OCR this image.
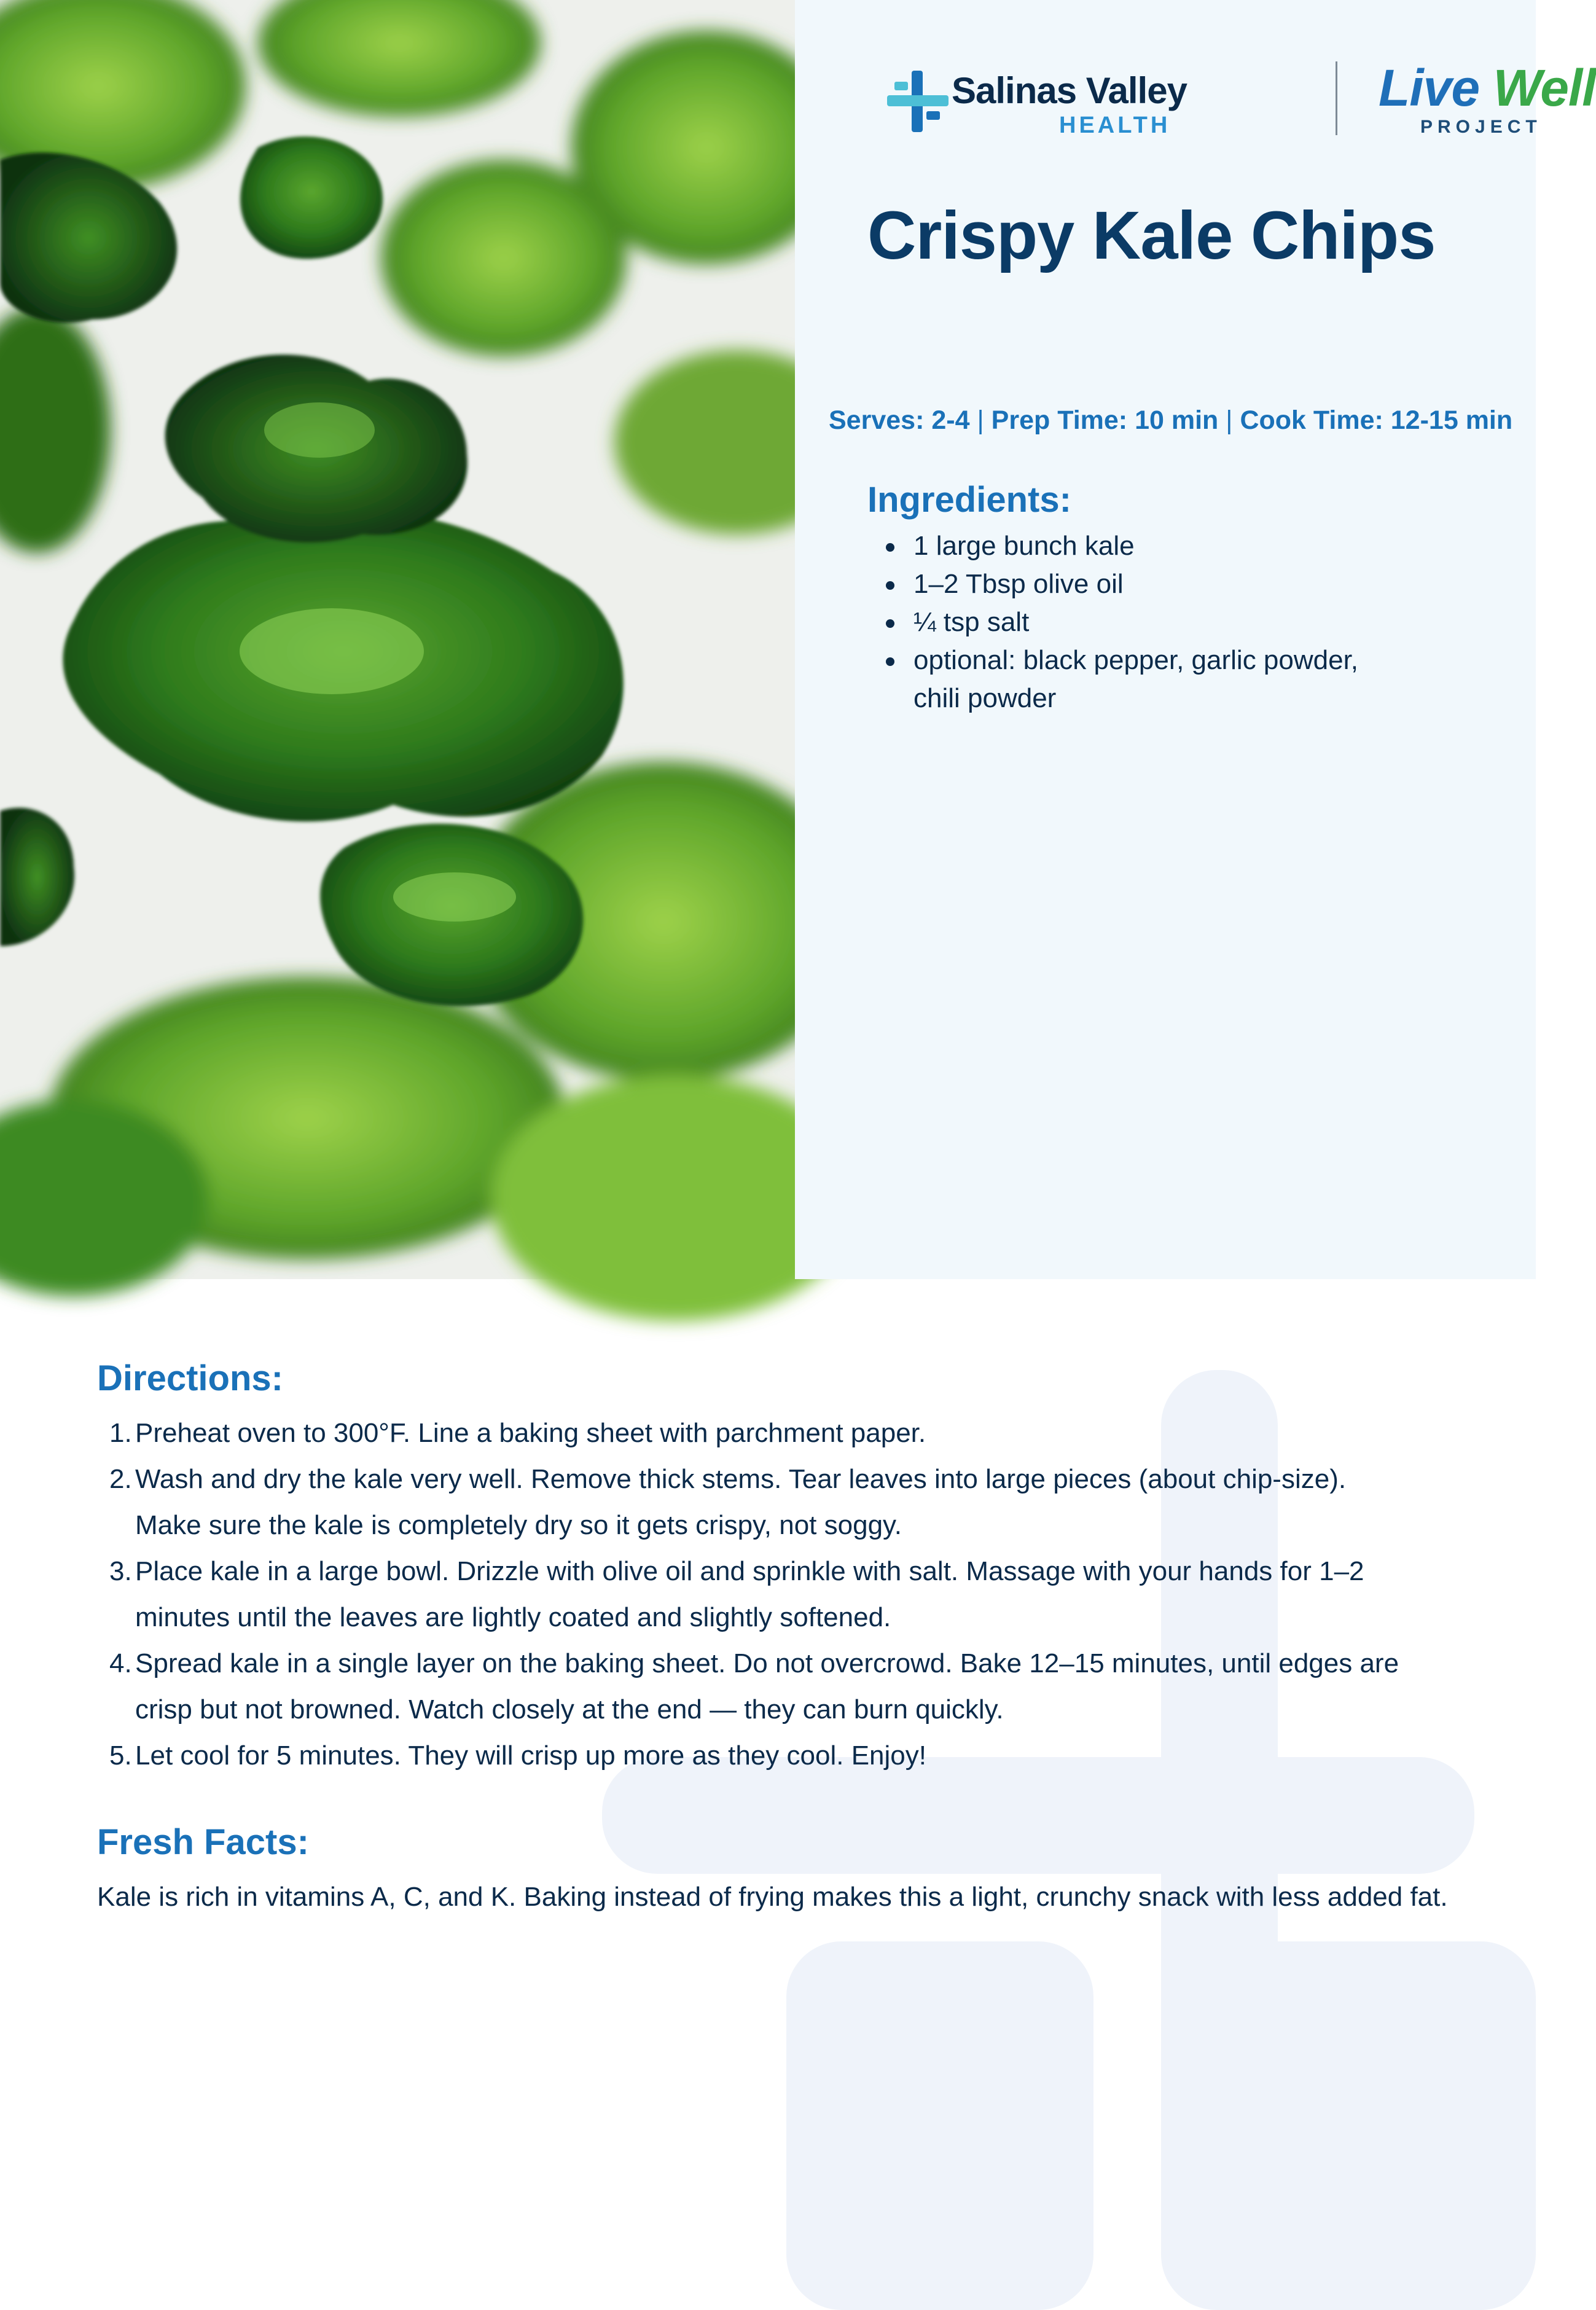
Salinas Valley
HEALTH
Live Well
PROJECT
Crispy Kale Chips
Serves: 2-4 | Prep Time: 10 min | Cook Time: 12-15 min
Ingredients:
1 large bunch kale
1–2 Tbsp olive oil
¼ tsp salt
optional: black pepper, garlic powder, chili powder
Directions:
1. Preheat oven to 300°F. Line a baking sheet with parchment paper.
2. Wash and dry the kale very well. Remove thick stems. Tear leaves into large pieces (about chip-size). Make sure the kale is completely dry so it gets crispy, not soggy.
3. Place kale in a large bowl. Drizzle with olive oil and sprinkle with salt. Massage with your hands for 1–2 minutes until the leaves are lightly coated and slightly softened.
4. Spread kale in a single layer on the baking sheet. Do not overcrowd. Bake 12–15 minutes, until edges are crisp but not browned. Watch closely at the end — they can burn quickly.
5. Let cool for 5 minutes. They will crisp up more as they cool. Enjoy!
Fresh Facts:

Kale is rich in vitamins A, C, and K. Baking instead of frying makes this a light, crunchy snack with less added fat.
